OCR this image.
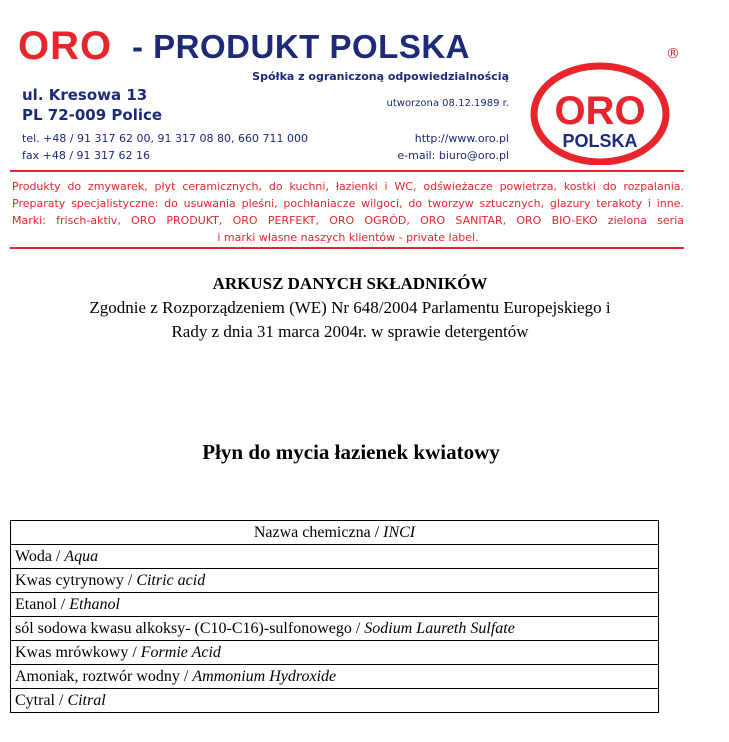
ORO - PRODUKT POLSKA
Spółka z ograniczoną odpowiedzialnością
ul. Kresowa 13
PL 72-009 Police
utworzona 08.12.1989 r.
tel. +48 / 91 317 62 00, 91 317 08 80, 660 711 000
fax +48 / 91 317 62 16
http://www.oro.pl
e-mail: biuro@oro.pl
ORO
POLSKA
®
Produkty do zmywarek, płyt ceramicznych, do kuchni, łazienki i WC, odświeżacze powietrza, kostki do rozpalania.
Preparaty specjalistyczne: do usuwania pleśni, pochłaniacze wilgoci, do tworzyw sztucznych, glazury terakoty i inne.
Marki: frisch-aktiv, ORO PRODUKT, ORO PERFEKT, ORO OGRÓD, ORO SANITAR, ORO BIO-EKO zielona seria
i marki własne naszych klientów - private label.
ARKUSZ DANYCH SKŁADNIKÓW
Zgodnie z Rozporządzeniem (WE) Nr 648/2004 Parlamentu Europejskiego i
Rady z dnia 31 marca 2004r. w sprawie detergentów
Płyn do mycia łazienek kwiatowy
Nazwa chemiczna / INCI
Woda / Aqua
Kwas cytrynowy / Citric acid
Etanol / Ethanol
sól sodowa kwasu alkoksy- (C10-C16)-sulfonowego / Sodium Laureth Sulfate
Kwas mrówkowy / Formie Acid
Amoniak, roztwór wodny / Ammonium Hydroxide
Cytral / Citral
